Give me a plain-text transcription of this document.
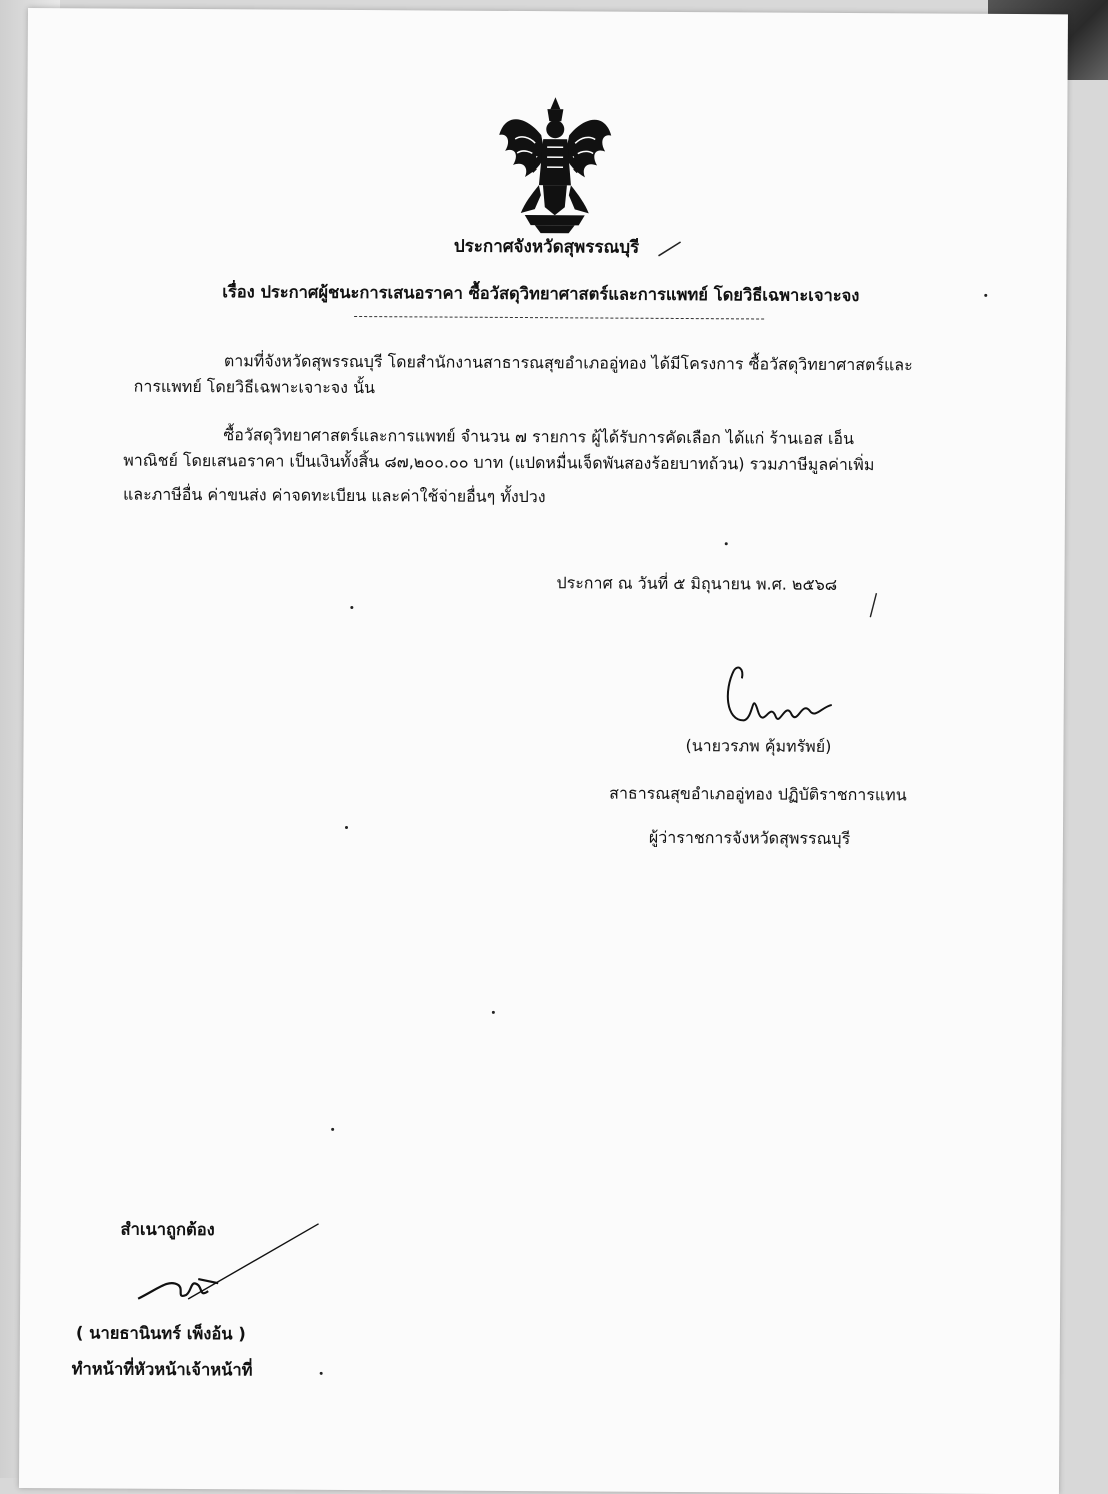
ประกาศจังหวัดสุพรรณบุรี
เรื่อง ประกาศผู้ชนะการเสนอราคา ซื้อวัสดุวิทยาศาสตร์และการแพทย์ โดยวิธีเฉพาะเจาะจง
ตามที่จังหวัดสุพรรณบุรี โดยสำนักงานสาธารณสุขอำเภออู่ทอง ได้มีโครงการ ซื้อวัสดุวิทยาศาสตร์และ
การแพทย์ โดยวิธีเฉพาะเจาะจง นั้น
ซื้อวัสดุวิทยาศาสตร์และการแพทย์ จำนวน ๗ รายการ ผู้ได้รับการคัดเลือก ได้แก่ ร้านเอส เอ็น
พาณิชย์ โดยเสนอราคา เป็นเงินทั้งสิ้น ๘๗,๒๐๐.๐๐ บาท (แปดหมื่นเจ็ดพันสองร้อยบาทถ้วน) รวมภาษีมูลค่าเพิ่ม
และภาษีอื่น ค่าขนส่ง ค่าจดทะเบียน และค่าใช้จ่ายอื่นๆ ทั้งปวง
ประกาศ ณ วันที่ ๕ มิถุนายน พ.ศ. ๒๕๖๘
(นายวรภพ คุ้มทรัพย์)
สาธารณสุขอำเภออู่ทอง ปฏิบัติราชการแทน
ผู้ว่าราชการจังหวัดสุพรรณบุรี
สำเนาถูกต้อง
( นายธานินทร์ เพ็งอ้น )
ทำหน้าที่หัวหน้าเจ้าหน้าที่
